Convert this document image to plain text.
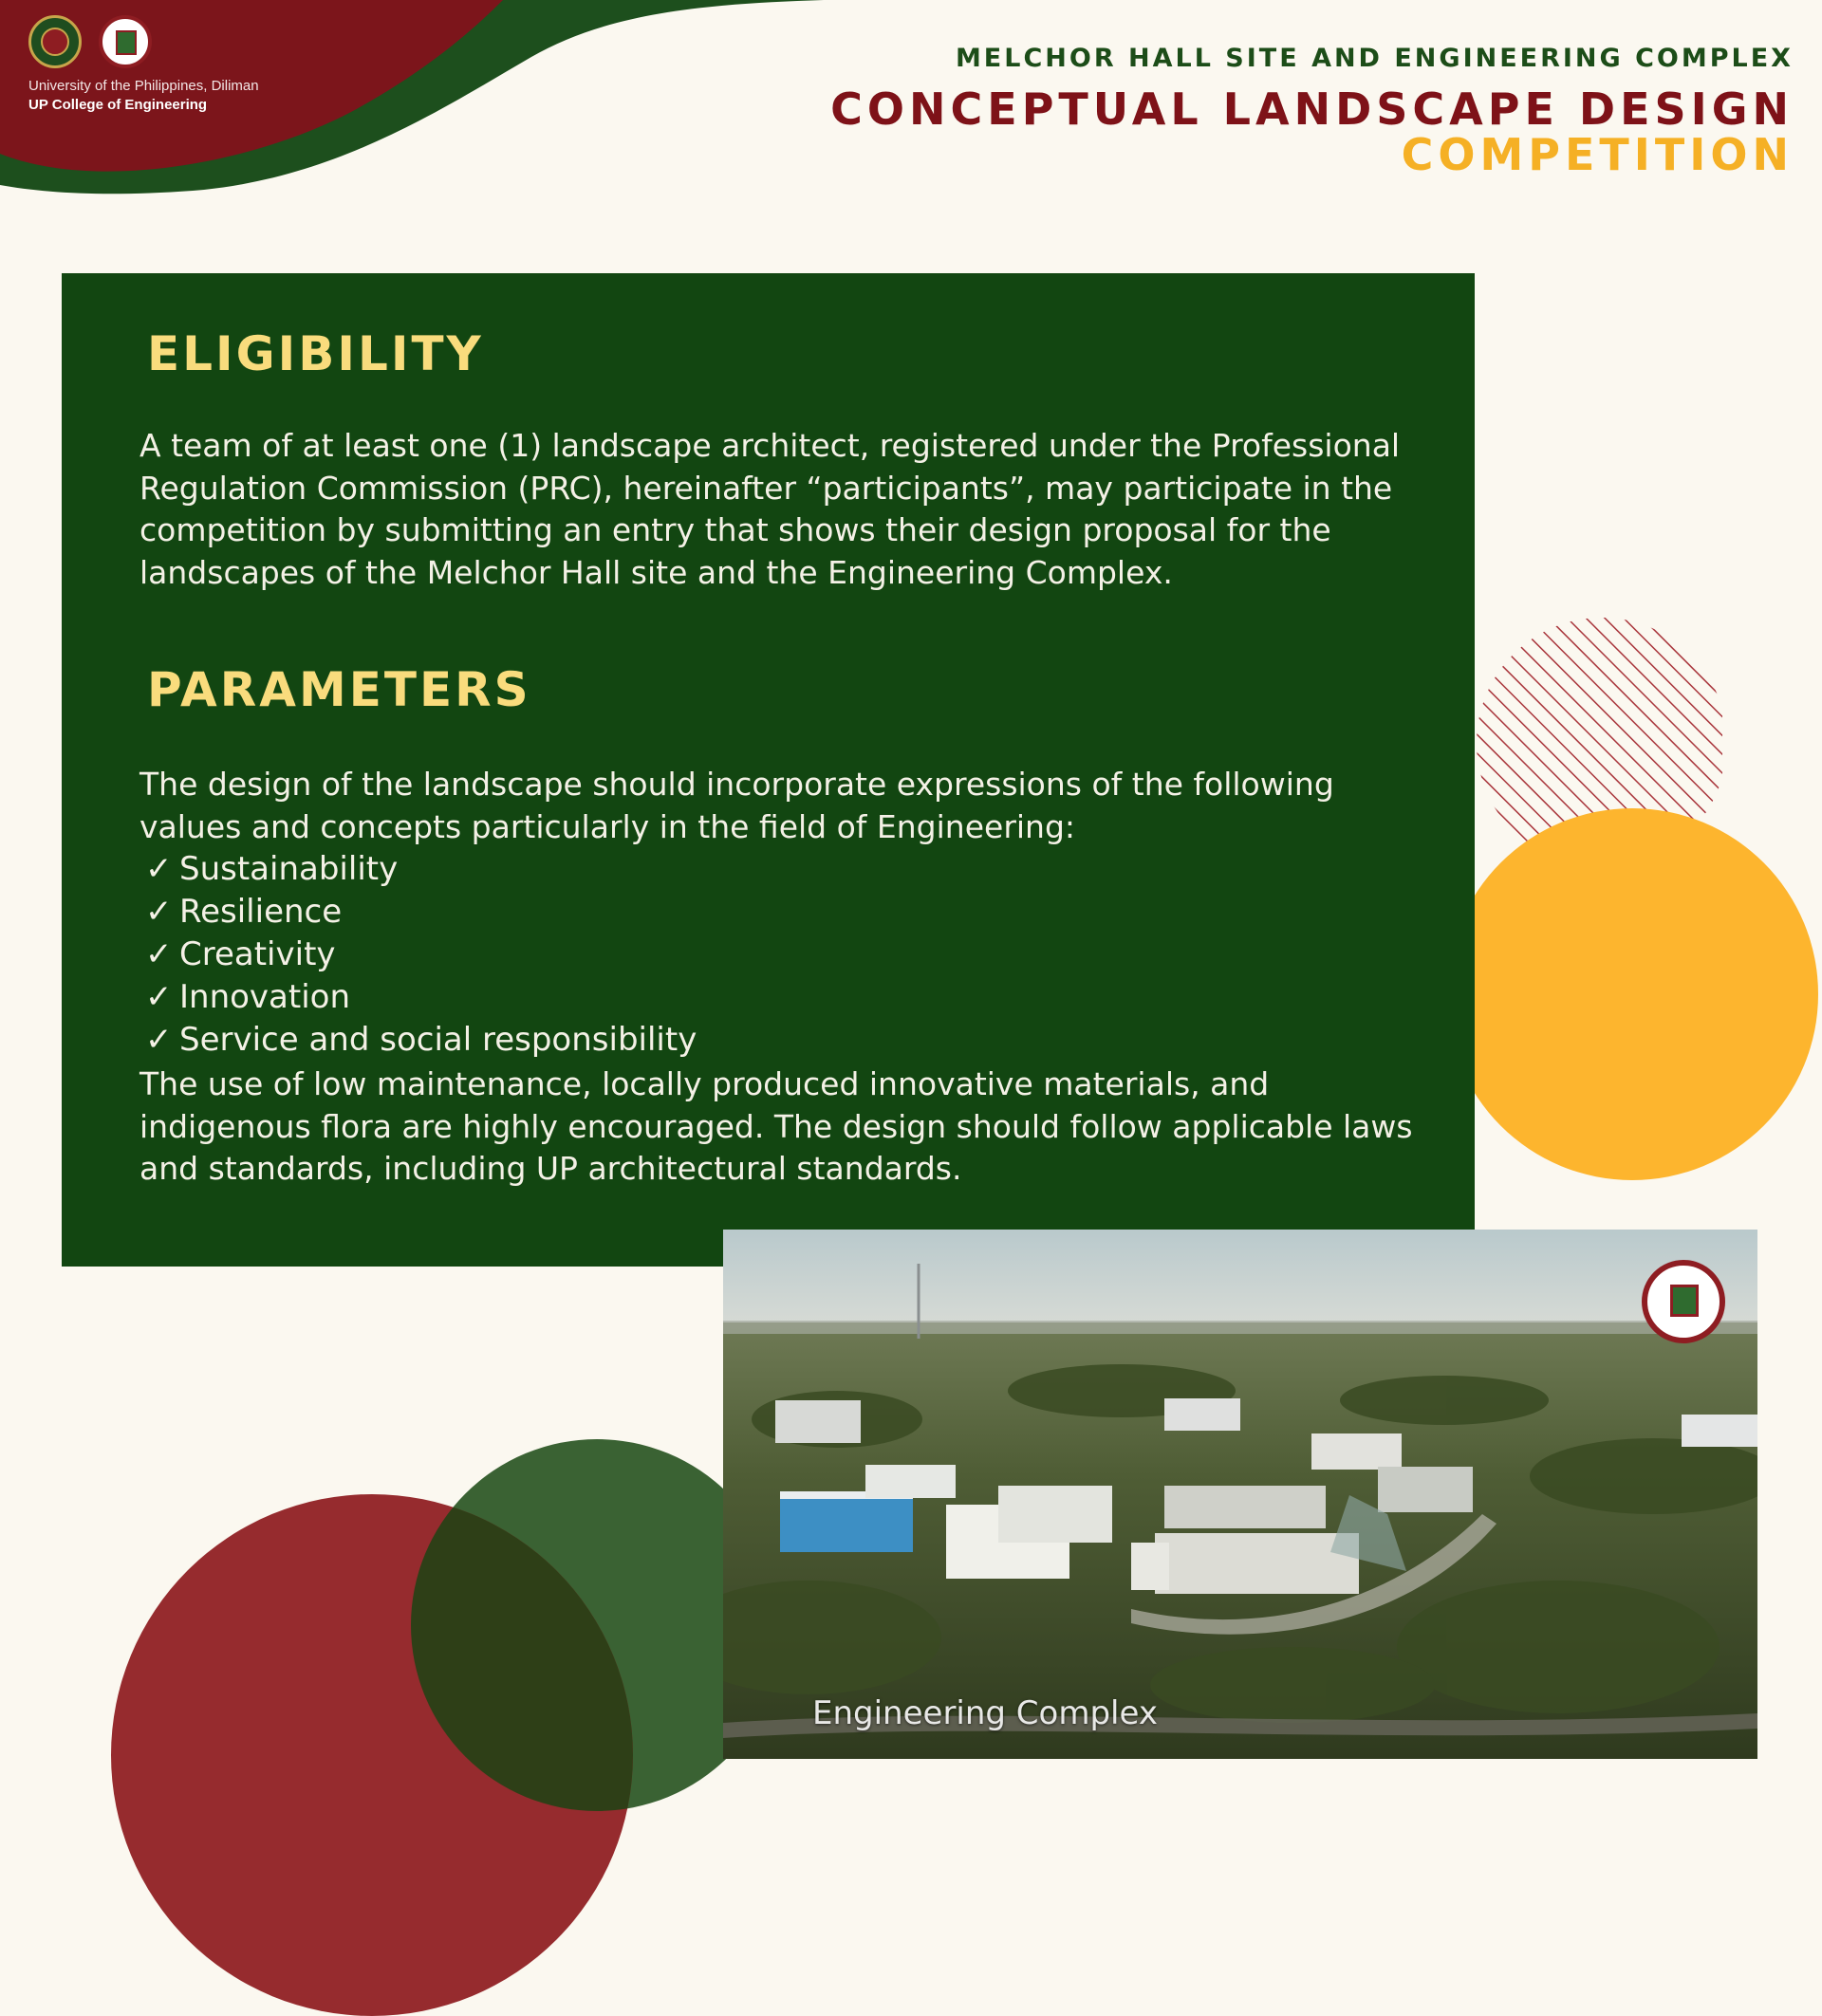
University of the Philippines, Diliman
UP College of Engineering
MELCHOR HALL SITE AND ENGINEERING COMPLEX
CONCEPTUAL LANDSCAPE DESIGN
COMPETITION
ELIGIBILITY

A team of at least one (1) landscape architect, registered under the Professional Regulation Commission (PRC), hereinafter “participants”, may participate in the competition by submitting an entry that shows their design proposal for the landscapes of the Melchor Hall site and the Engineering Complex.

PARAMETERS

The design of the landscape should incorporate expressions of the following values and concepts particularly in the field of Engineering:

✓ Sustainability
✓ Resilience
✓ Creativity
✓ Innovation
✓ Service and social responsibility

The use of low maintenance, locally produced innovative materials, and indigenous flora are highly encouraged. The design should follow applicable laws and standards, including UP architectural standards.

Engineering Complex
